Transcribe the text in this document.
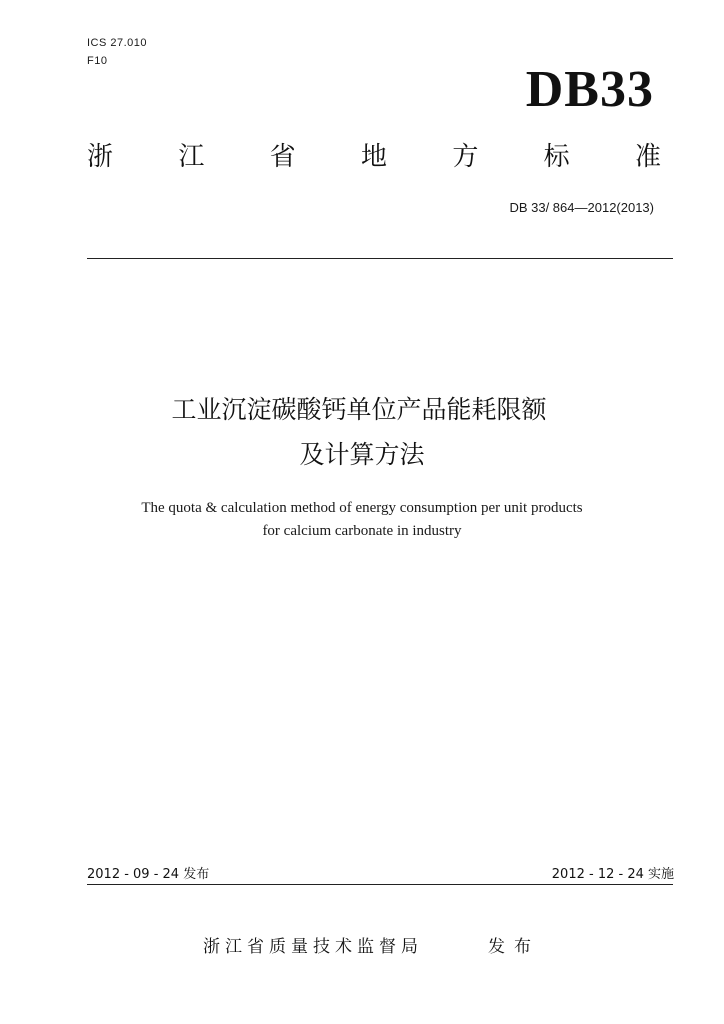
ICS 27.010
F10	DB33
浙	江	省	地	方	标	准
DB 33/ 864—2012(2013)
工业沉淀碳酸钙单位产品能耗限额
及计算方法
The quota & calculation method of energy consumption per unit products
for calcium carbonate in industry
2012 - 09 - 24 发布	2012 - 12 - 24 实施
浙江省质量技术监督局	发布
